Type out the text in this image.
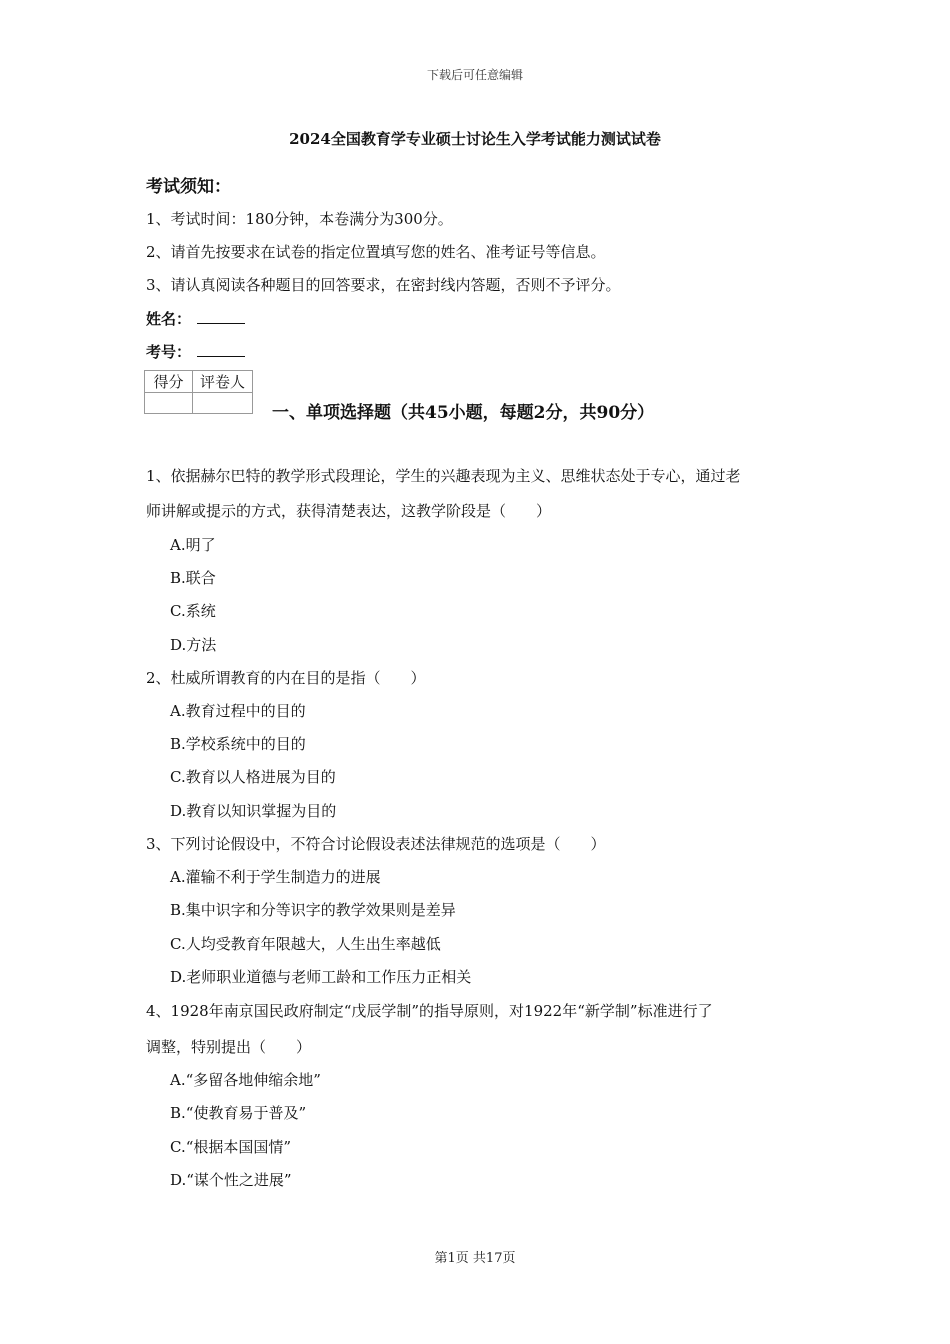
下载后可任意编辑
2024全国教育学专业硕士讨论生入学考试能力测试试卷
考试须知：
1、考试时间：180分钟，本卷满分为300分。
2、请首先按要求在试卷的指定位置填写您的姓名、准考证号等信息。
3、请认真阅读各种题目的回答要求，在密封线内答题，否则不予评分。
姓名：
考号：
得分	评卷人

一、单项选择题（共45小题，每题2分，共90分）
1、依据赫尔巴特的教学形式段理论，学生的兴趣表现为主义、思维状态处于专心，通过老
师讲解或提示的方式，获得清楚表达，这教学阶段是（　　）
A.明了
B.联合
C.系统
D.方法
2、杜威所谓教育的内在目的是指（　　）
A.教育过程中的目的
B.学校系统中的目的
C.教育以人格进展为目的
D.教育以知识掌握为目的
3、下列讨论假设中，不符合讨论假设表述法律规范的选项是（　　）
A.灌输不利于学生制造力的进展
B.集中识字和分等识字的教学效果则是差异
C.人均受教育年限越大，人生出生率越低
D.老师职业道德与老师工龄和工作压力正相关
4、1928年南京国民政府制定“戊辰学制”的指导原则，对1922年“新学制”标准进行了
调整，特别提出（　　）
A.“多留各地伸缩余地”
B.“使教育易于普及”
C.“根据本国国情”
D.“谋个性之进展”
第1页 共17页
